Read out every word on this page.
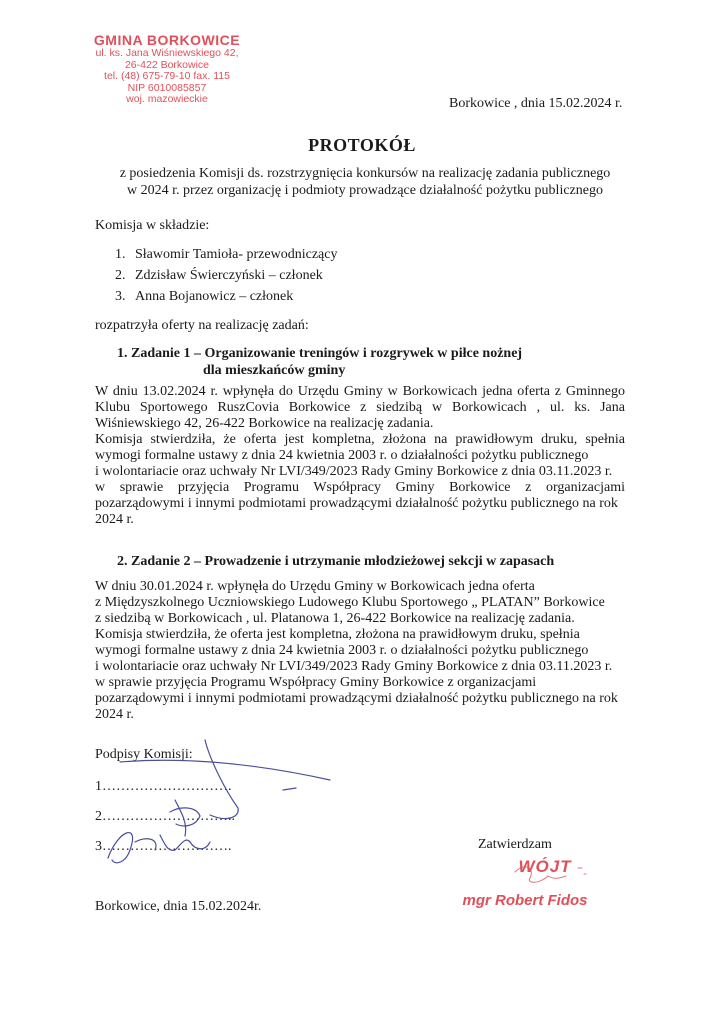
GMINA BORKOWICE
ul. ks. Jana Wiśniewskiego 42,
26-422 Borkowice
tel. (48) 675-79-10 fax. 115
NIP 6010085857
woj. mazowieckie	Borkowice , dnia 15.02.2024 r.
PROTOKÓŁ
z posiedzenia Komisji ds. rozstrzygnięcia konkursów na realizację zadania publicznego
w 2024 r. przez organizację i podmioty prowadzące działalność pożytku publicznego
Komisja w składzie:
1. Sławomir Tamioła- przewodniczący
2. Zdzisław Świerczyński – członek
3. Anna Bojanowicz – członek
rozpatrzyła oferty na realizację zadań:
1. Zadanie 1 – Organizowanie treningów i rozgrywek w piłce nożnej
dla mieszkańców gminy
W dniu 13.02.2024 r. wpłynęła do Urzędu Gminy w Borkowicach jedna oferta z Gminnego
Klubu Sportowego RuszCovia Borkowice z siedzibą w Borkowicach , ul. ks. Jana
Wiśniewskiego 42, 26-422 Borkowice na realizację zadania.
Komisja stwierdziła, że oferta jest kompletna, złożona na prawidłowym druku, spełnia
wymogi formalne ustawy z dnia 24 kwietnia 2003 r. o działalności pożytku publicznego
i wolontariacie oraz uchwały Nr LVI/349/2023 Rady Gminy Borkowice z dnia 03.11.2023 r.
w sprawie przyjęcia Programu Współpracy Gminy Borkowice z organizacjami
pozarządowymi i innymi podmiotami prowadzącymi działalność pożytku publicznego na rok
2024 r.
2. Zadanie 2 – Prowadzenie i utrzymanie młodzieżowej sekcji w zapasach
W dniu 30.01.2024 r. wpłynęła do Urzędu Gminy w Borkowicach jedna oferta
z Międzyszkolnego Uczniowskiego Ludowego Klubu Sportowego „ PLATAN” Borkowice
z siedzibą w Borkowicach , ul. Platanowa 1, 26-422 Borkowice na realizację zadania.
Komisja stwierdziła, że oferta jest kompletna, złożona na prawidłowym druku, spełnia
wymogi formalne ustawy z dnia 24 kwietnia 2003 r. o działalności pożytku publicznego
i wolontariacie oraz uchwały Nr LVI/349/2023 Rady Gminy Borkowice z dnia 03.11.2023 r.
w sprawie przyjęcia Programu Współpracy Gminy Borkowice z organizacjami
pozarządowymi i innymi podmiotami prowadzącymi działalność pożytku publicznego na rok
2024 r.
Podpisy Komisji:
1……………………….
2………………………..
3……………………….
Borkowice, dnia 15.02.2024r.
Zatwierdzam
WÓJT
mgr Robert Fidos
